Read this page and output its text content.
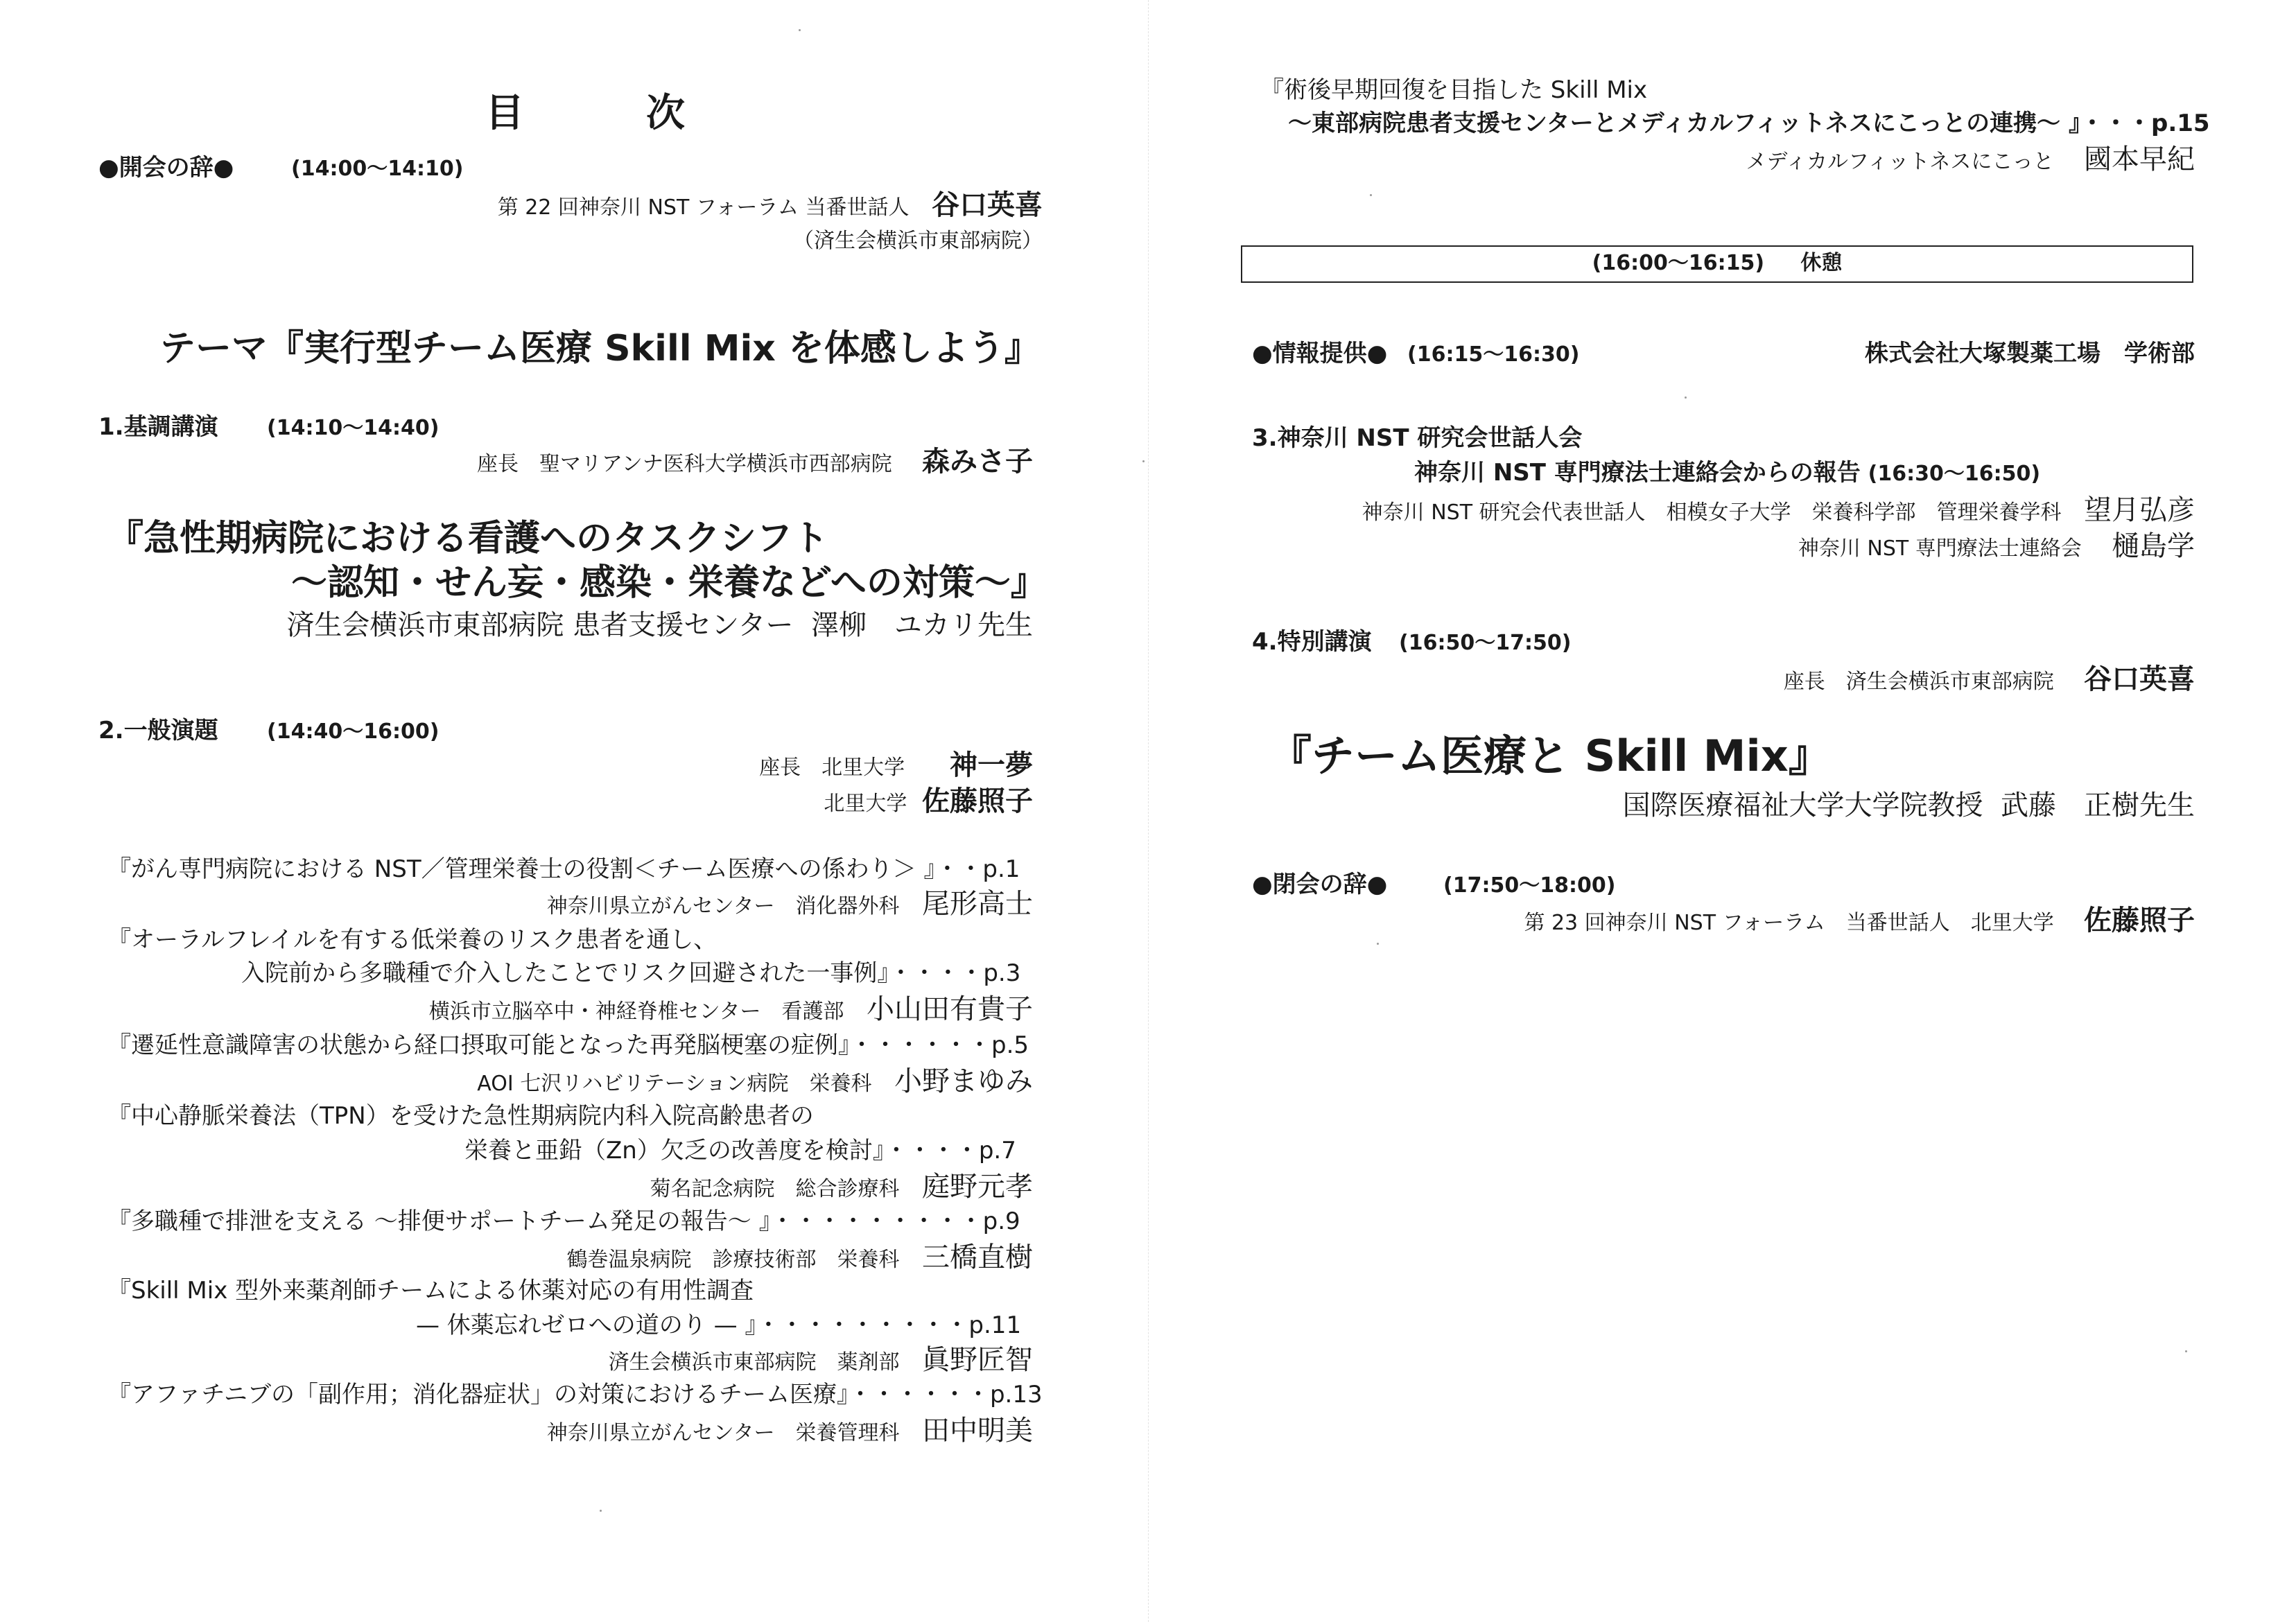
目　次
●開会の辞●	(14:00〜14:10)
第 22 回神奈川 NST フォーラム 当番世話人 谷口英喜
（済生会横浜市東部病院）
テーマ『実行型チーム医療 Skill Mix を体感しよう』
1.基調講演 (14:10〜14:40)
座長　聖マリアンナ医科大学横浜市西部病院 森みさ子
『急性期病院における看護へのタスクシフト
〜認知・せん妄・感染・栄養などへの対策〜』
済生会横浜市東部病院 患者支援センター 澤柳　ユカリ先生
2.一般演題 (14:40〜16:00)
座長　北里大学 神一夢
北里大学 佐藤照子
『がん専門病院における NST／管理栄養士の役割＜チーム医療への係わり＞ 』・・p.1
神奈川県立がんセンター　消化器外科 尾形高士
『オーラルフレイルを有する低栄養のリスク患者を通し、
入院前から多職種で介入したことでリスク回避された一事例』・・・・p.3
横浜市立脳卒中・神経脊椎センター　看護部 小山田有貴子
『遷延性意識障害の状態から経口摂取可能となった再発脳梗塞の症例』・・・・・・p.5
AOI 七沢リハビリテーション病院　栄養科 小野まゆみ
『中心静脈栄養法（TPN）を受けた急性期病院内科入院高齢患者の
栄養と亜鉛（Zn）欠乏の改善度を検討』・・・・p.7
菊名記念病院　総合診療科 庭野元孝
『多職種で排泄を支える 〜排便サポートチーム発足の報告〜 』・・・・・・・・・p.9
鶴巻温泉病院　診療技術部　栄養科 三橋直樹
『Skill Mix 型外来薬剤師チームによる休薬対応の有用性調査
— 休薬忘れゼロへの道のり — 』・・・・・・・・・p.11
済生会横浜市東部病院　薬剤部 眞野匠智
『アファチニブの「副作用；消化器症状」の対策におけるチーム医療』・・・・・・p.13
神奈川県立がんセンター　栄養管理科 田中明美
『術後早期回復を目指した Skill Mix
〜東部病院患者支援センターとメディカルフィットネスにこっとの連携〜 』・・・p.15
メディカルフィットネスにこっと 國本早紀
(16:00〜16:15) 休憩
●情報提供● (16:15〜16:30)	株式会社大塚製薬工場　学術部
3.神奈川 NST 研究会世話人会
神奈川 NST 専門療法士連絡会からの報告 (16:30〜16:50)
神奈川 NST 研究会代表世話人　相模女子大学　栄養科学部　管理栄養学科 望月弘彦
神奈川 NST 専門療法士連絡会 樋島学
4.特別講演 (16:50〜17:50)
座長　済生会横浜市東部病院 谷口英喜
『チーム医療と Skill Mix』
国際医療福祉大学大学院教授 武藤　正樹先生
●閉会の辞●	(17:50〜18:00)
第 23 回神奈川 NST フォーラム　当番世話人　北里大学 佐藤照子
